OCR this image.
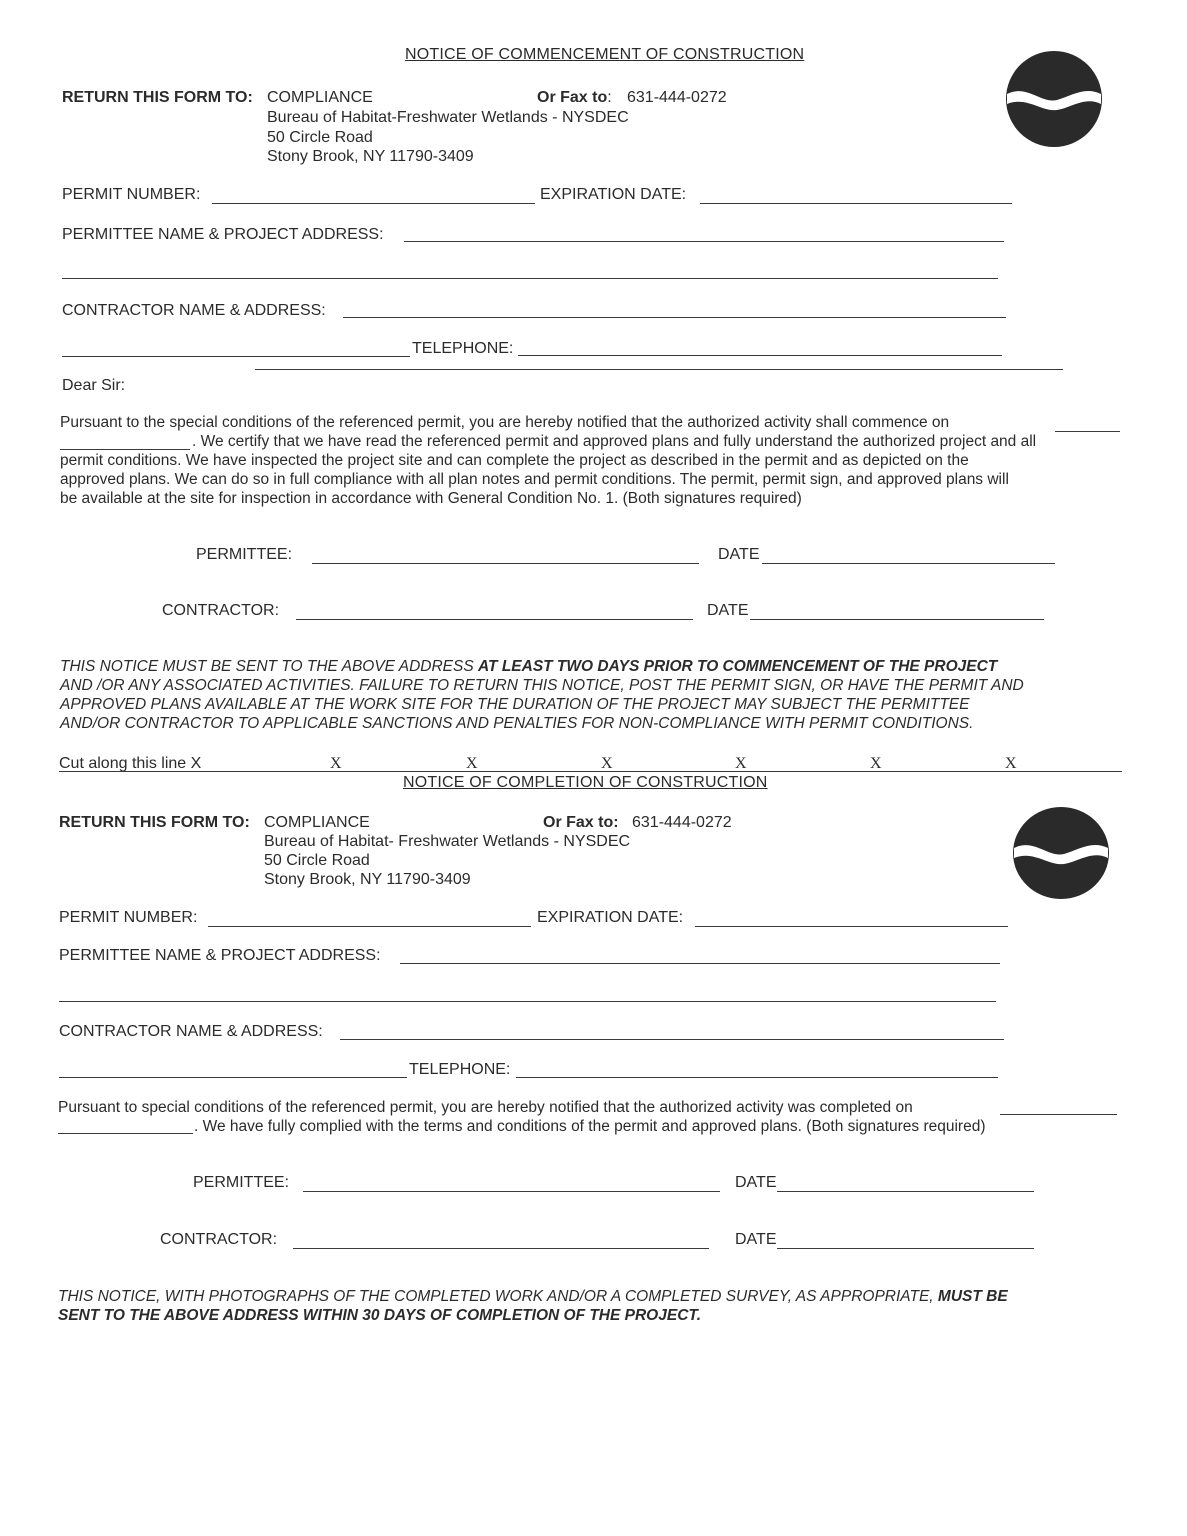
NOTICE OF COMMENCEMENT OF CONSTRUCTION
RETURN THIS FORM TO: COMPLIANCE	Or Fax to: 631-444-0272
Bureau of Habitat-Freshwater Wetlands - NYSDEC
50 Circle Road
Stony Brook, NY 11790-3409
PERMIT NUMBER:	EXPIRATION DATE:
PERMITTEE NAME & PROJECT ADDRESS:
CONTRACTOR NAME & ADDRESS:
TELEPHONE:
Dear Sir:
Pursuant to the special conditions of the referenced permit, you are hereby notified that the authorized activity shall commence on
. We certify that we have read the referenced permit and approved plans and fully understand the authorized project and all
permit conditions. We have inspected the project site and can complete the project as described in the permit and as depicted on the
approved plans. We can do so in full compliance with all plan notes and permit conditions. The permit, permit sign, and approved plans will
be available at the site for inspection in accordance with General Condition No. 1. (Both signatures required)
PERMITTEE:	DATE
CONTRACTOR:	DATE
THIS NOTICE MUST BE SENT TO THE ABOVE ADDRESS AT LEAST TWO DAYS PRIOR TO COMMENCEMENT OF THE PROJECT
AND /OR ANY ASSOCIATED ACTIVITIES. FAILURE TO RETURN THIS NOTICE, POST THE PERMIT SIGN, OR HAVE THE PERMIT AND
APPROVED PLANS AVAILABLE AT THE WORK SITE FOR THE DURATION OF THE PROJECT MAY SUBJECT THE PERMITTEE
AND/OR CONTRACTOR TO APPLICABLE SANCTIONS AND PENALTIES FOR NON-COMPLIANCE WITH PERMIT CONDITIONS.
Cut along this line X	X	X	X	X	X	X
NOTICE OF COMPLETION OF CONSTRUCTION
RETURN THIS FORM TO: COMPLIANCE	Or Fax to: 631-444-0272
Bureau of Habitat- Freshwater Wetlands - NYSDEC
50 Circle Road
Stony Brook, NY 11790-3409
PERMIT NUMBER:	EXPIRATION DATE:
PERMITTEE NAME & PROJECT ADDRESS:
CONTRACTOR NAME & ADDRESS:
TELEPHONE:
Pursuant to special conditions of the referenced permit, you are hereby notified that the authorized activity was completed on
. We have fully complied with the terms and conditions of the permit and approved plans. (Both signatures required)
PERMITTEE:	DATE
CONTRACTOR:	DATE
THIS NOTICE, WITH PHOTOGRAPHS OF THE COMPLETED WORK AND/OR A COMPLETED SURVEY, AS APPROPRIATE, MUST BE
SENT TO THE ABOVE ADDRESS WITHIN 30 DAYS OF COMPLETION OF THE PROJECT.
